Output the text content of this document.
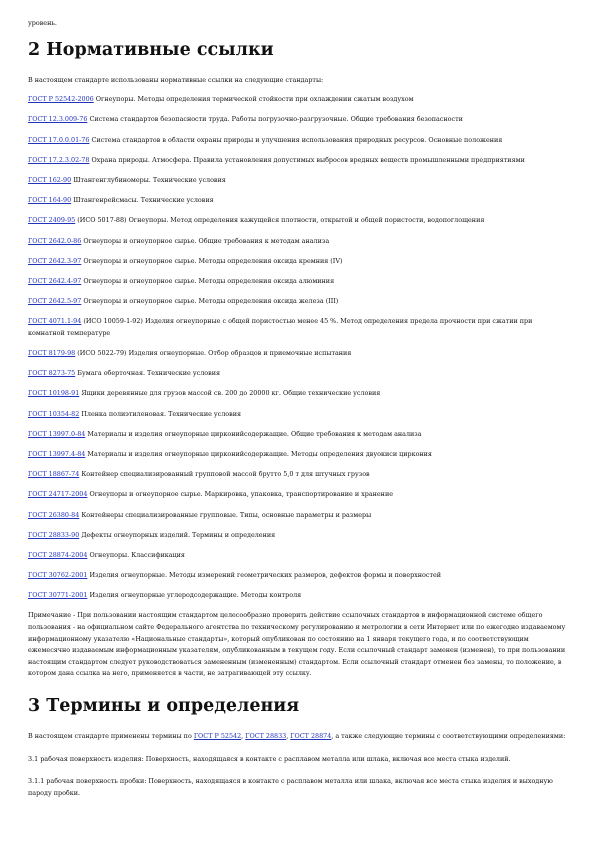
уровень.

2 Нормативные ссылки

В настоящем стандарте использованы нормативные ссылки на следующие стандарты:

ГОСТ Р 52542-2006 Огнеупоры. Методы определения термической стойкости при охлаждении сжатым воздухом

ГОСТ 12.3.009-76 Система стандартов безопасности труда. Работы погрузочно-разгрузочные. Общие требования безопасности

ГОСТ 17.0.0.01-76 Система стандартов в области охраны природы и улучшения использования природных ресурсов. Основные положения

ГОСТ 17.2.3.02-78 Охрана природы. Атмосфера. Правила установления допустимых выбросов вредных веществ промышленными предприятиями

ГОСТ 162-90 Штангенглубиномеры. Технические условия

ГОСТ 164-90 Штангенрейсмасы. Технические условия

ГОСТ 2409-95 (ИСО 5017-88) Огнеупоры. Метод определения кажущейся плотности, открытой и общей пористости, водопоглощения

ГОСТ 2642.0-86 Огнеупоры и огнеупорное сырье. Общие требования к методам анализа

ГОСТ 2642.3-97 Огнеупоры и огнеупорное сырье. Методы определения оксида кремния (IV)

ГОСТ 2642.4-97 Огнеупоры и огнеупорное сырье. Методы определения оксида алюминия

ГОСТ 2642.5-97 Огнеупоры и огнеупорное сырье. Методы определения оксида железа (III)

ГОСТ 4071.1-94 (ИСО 10059-1-92) Изделия огнеупорные с общей пористостью менее 45 %. Метод определения предела прочности при сжатии при комнатной температуре

ГОСТ 8179-98 (ИСО 5022-79) Изделия огнеупорные. Отбор образцов и приемочные испытания

ГОСТ 8273-75 Бумага оберточная. Технические условия

ГОСТ 10198-91 Ящики деревянные для грузов массой св. 200 до 20000 кг. Общие технические условия

ГОСТ 10354-82 Пленка полиэтиленовая. Технические условия

ГОСТ 13997.0-84 Материалы и изделия огнеупорные цирконийсодержащие. Общие требования к методам анализа

ГОСТ 13997.4-84 Материалы и изделия огнеупорные цирконийсодержащие. Методы определения двуокиси циркония

ГОСТ 18867-74 Контейнер специализированный групповой массой брутто 5,0 т для штучных грузов

ГОСТ 24717-2004 Огнеупоры и огнеупорное сырье. Маркировка, упаковка, транспортирование и хранение

ГОСТ 26380-84 Контейнеры специализированные групповые. Типы, основные параметры и размеры

ГОСТ 28833-90 Дефекты огнеупорных изделий. Термины и определения

ГОСТ 28874-2004 Огнеупоры. Классификация

ГОСТ 30762-2001 Изделия огнеупорные. Методы измерений геометрических размеров, дефектов формы и поверхностей

ГОСТ 30771-2001 Изделия огнеупорные углеродсодержащие. Методы контроля

Примечание - При пользовании настоящим стандартом целесообразно проверить действие ссылочных стандартов в информационной системе общего пользования - на официальном сайте Федерального агентства по техническому регулированию и метрологии в сети Интернет или по ежегодно издаваемому информационному указателю «Национальные стандарты», который опубликован по состоянию на 1 января текущего года, и по соответствующим ежемесячно издаваемым информационным указателям, опубликованным в текущем году. Если ссылочный стандарт заменен (изменен), то при пользовании настоящим стандартом следует руководствоваться замененным (измененным) стандартом. Если ссылочный стандарт отменен без замены, то положение, в котором дана ссылка на него, применяется в части, не затрагивающей эту ссылку.

3 Термины и определения

В настоящем стандарте применены термины по ГОСТ Р 52542, ГОСТ 28833, ГОСТ 28874, а также следующие термины с соответствующими определениями:

3.1 рабочая поверхность изделия: Поверхность, находящаяся в контакте с расплавом металла или шлака, включая все места стыка изделий.

3.1.1 рабочая поверхность пробки: Поверхность, находящаяся в контакте с расплавом металла или шлака, включая все места стыка изделия и выходную пароду пробки.
